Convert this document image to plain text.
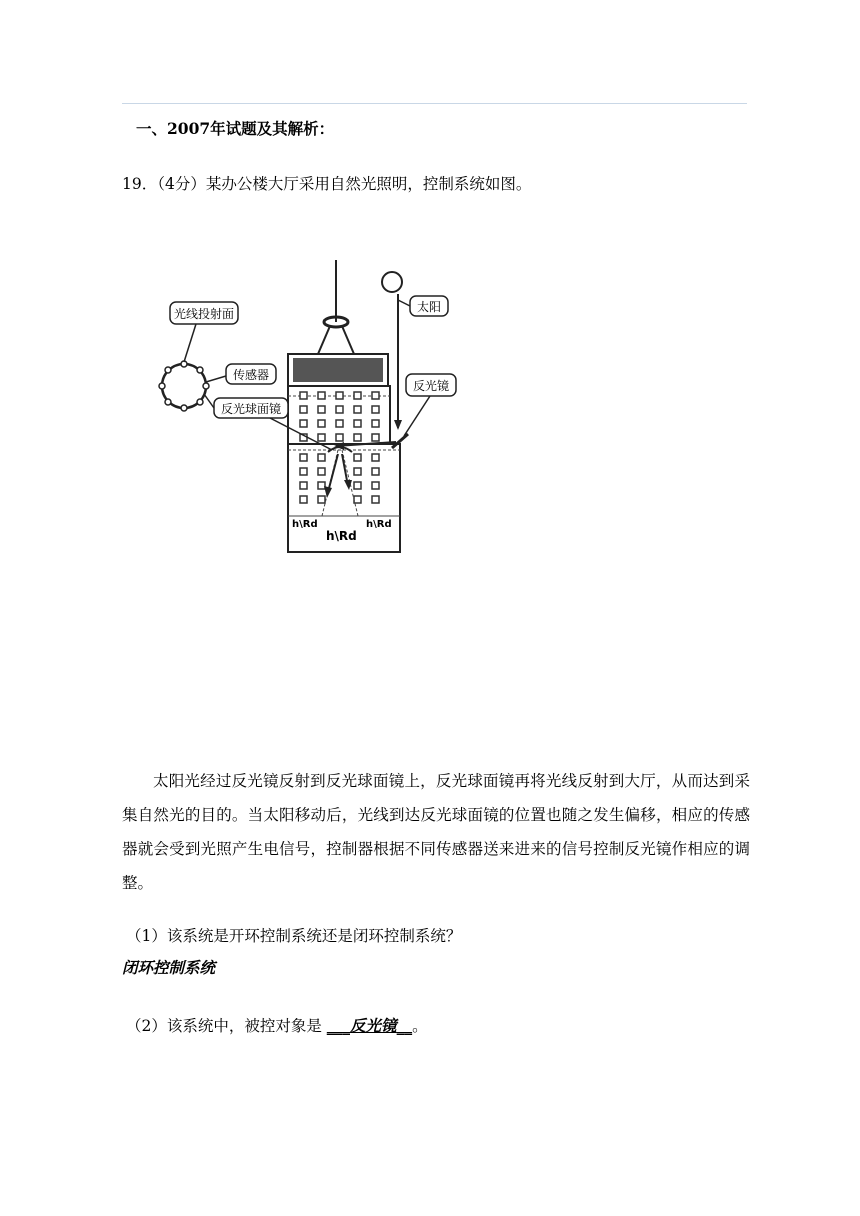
一、2007年试题及其解析：
19．（4分）某办公楼大厅采用自然光照明，控制系统如图。
光线投射面
传感器
反光球面镜
太阳
反光镜
h\Rd
h\Rd
h\Rd
太阳光经过反光镜反射到反光球面镜上，反光球面镜再将光线反射到大厅，从而达到采集自然光的目的。当太阳移动后，光线到达反光球面镜的位置也随之发生偏移，相应的传感器就会受到光照产生电信号，控制器根据不同传感器送来进来的信号控制反光镜作相应的调整。
（1）该系统是开环控制系统还是闭环控制系统？
闭环控制系统
（2）该系统中，被控对象是 ___反光镜__。
